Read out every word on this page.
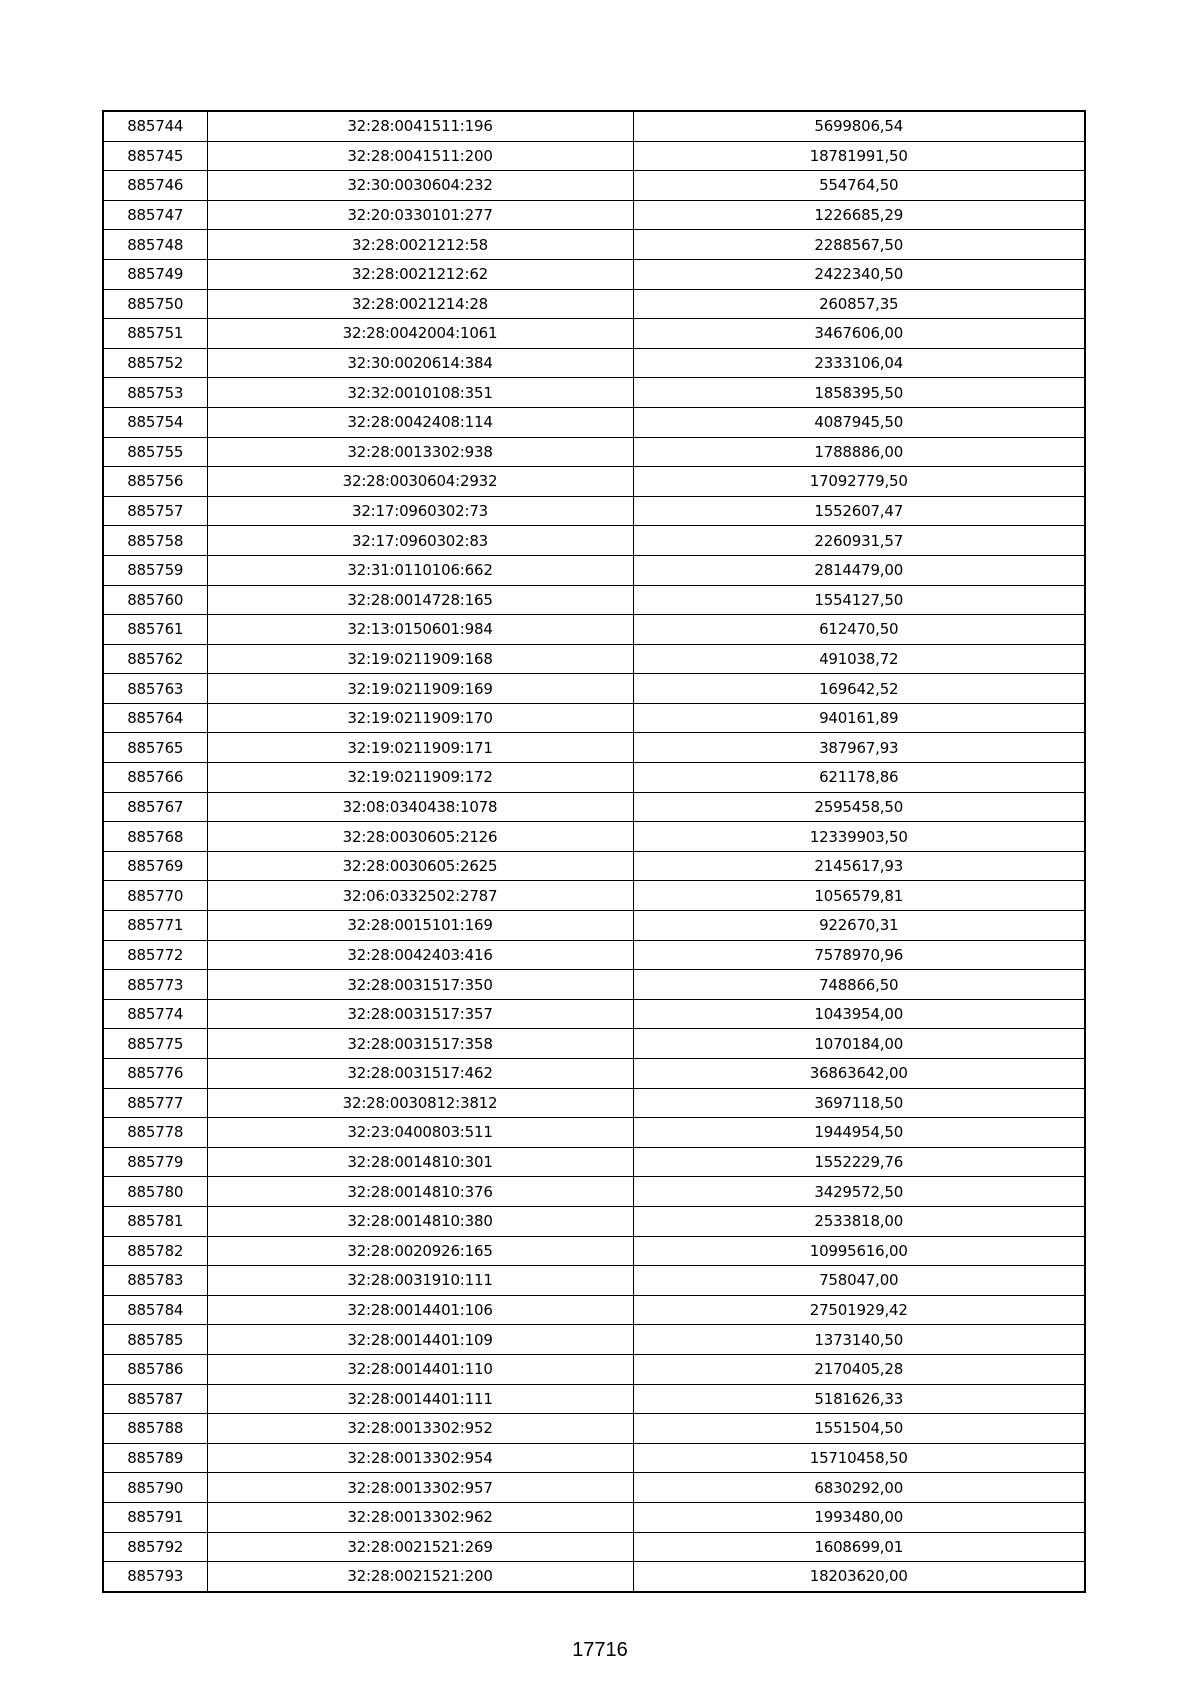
885744	32:28:0041511:196	5699806,54
885745	32:28:0041511:200	18781991,50
885746	32:30:0030604:232	554764,50
885747	32:20:0330101:277	1226685,29
885748	32:28:0021212:58	2288567,50
885749	32:28:0021212:62	2422340,50
885750	32:28:0021214:28	260857,35
885751	32:28:0042004:1061	3467606,00
885752	32:30:0020614:384	2333106,04
885753	32:32:0010108:351	1858395,50
885754	32:28:0042408:114	4087945,50
885755	32:28:0013302:938	1788886,00
885756	32:28:0030604:2932	17092779,50
885757	32:17:0960302:73	1552607,47
885758	32:17:0960302:83	2260931,57
885759	32:31:0110106:662	2814479,00
885760	32:28:0014728:165	1554127,50
885761	32:13:0150601:984	612470,50
885762	32:19:0211909:168	491038,72
885763	32:19:0211909:169	169642,52
885764	32:19:0211909:170	940161,89
885765	32:19:0211909:171	387967,93
885766	32:19:0211909:172	621178,86
885767	32:08:0340438:1078	2595458,50
885768	32:28:0030605:2126	12339903,50
885769	32:28:0030605:2625	2145617,93
885770	32:06:0332502:2787	1056579,81
885771	32:28:0015101:169	922670,31
885772	32:28:0042403:416	7578970,96
885773	32:28:0031517:350	748866,50
885774	32:28:0031517:357	1043954,00
885775	32:28:0031517:358	1070184,00
885776	32:28:0031517:462	36863642,00
885777	32:28:0030812:3812	3697118,50
885778	32:23:0400803:511	1944954,50
885779	32:28:0014810:301	1552229,76
885780	32:28:0014810:376	3429572,50
885781	32:28:0014810:380	2533818,00
885782	32:28:0020926:165	10995616,00
885783	32:28:0031910:111	758047,00
885784	32:28:0014401:106	27501929,42
885785	32:28:0014401:109	1373140,50
885786	32:28:0014401:110	2170405,28
885787	32:28:0014401:111	5181626,33
885788	32:28:0013302:952	1551504,50
885789	32:28:0013302:954	15710458,50
885790	32:28:0013302:957	6830292,00
885791	32:28:0013302:962	1993480,00
885792	32:28:0021521:269	1608699,01
885793	32:28:0021521:200	18203620,00
17716
